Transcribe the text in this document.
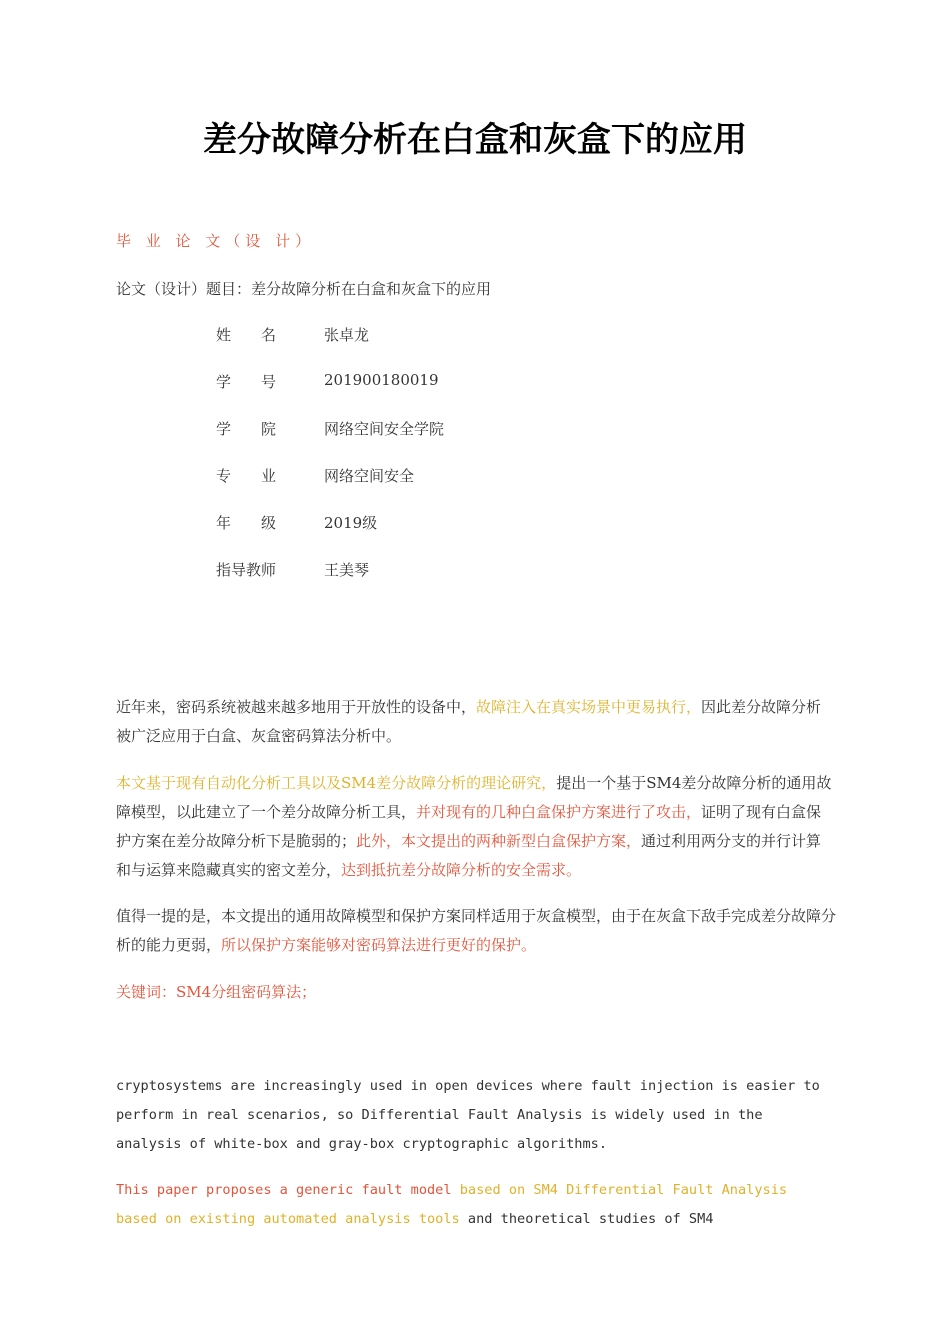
差分故障分析在白盒和灰盒下的应用
毕 业 论 文（设 计）
论文（设计）题目：差分故障分析在白盒和灰盒下的应用
姓　　名	张卓龙
学　　号	201900180019
学　　院	网络空间安全学院
专　　业	网络空间安全
年　　级	2019级
指导教师	王美琴
近年来，密码系统被越来越多地用于开放性的设备中，故障注入在真实场景中更易执行，因此差分故障分析被广泛应用于白盒、灰盒密码算法分析中。
本文基于现有自动化分析工具以及SM4差分故障分析的理论研究，提出一个基于SM4差分故障分析的通用故障模型，以此建立了一个差分故障分析工具，并对现有的几种白盒保护方案进行了攻击，证明了现有白盒保护方案在差分故障分析下是脆弱的；此外，本文提出的两种新型白盒保护方案，通过利用两分支的并行计算和与运算来隐藏真实的密文差分，达到抵抗差分故障分析的安全需求。
值得一提的是，本文提出的通用故障模型和保护方案同样适用于灰盒模型，由于在灰盒下敌手完成差分故障分析的能力更弱，所以保护方案能够对密码算法进行更好的保护。
关键词：SM4分组密码算法；
cryptosystems are increasingly used in open devices where fault injection is easier to perform in real scenarios, so Differential Fault Analysis is widely used in the analysis of white-box and gray-box cryptographic algorithms.
This paper proposes a generic fault model based on SM4 Differential Fault Analysis based on existing automated analysis tools and theoretical studies of SM4
